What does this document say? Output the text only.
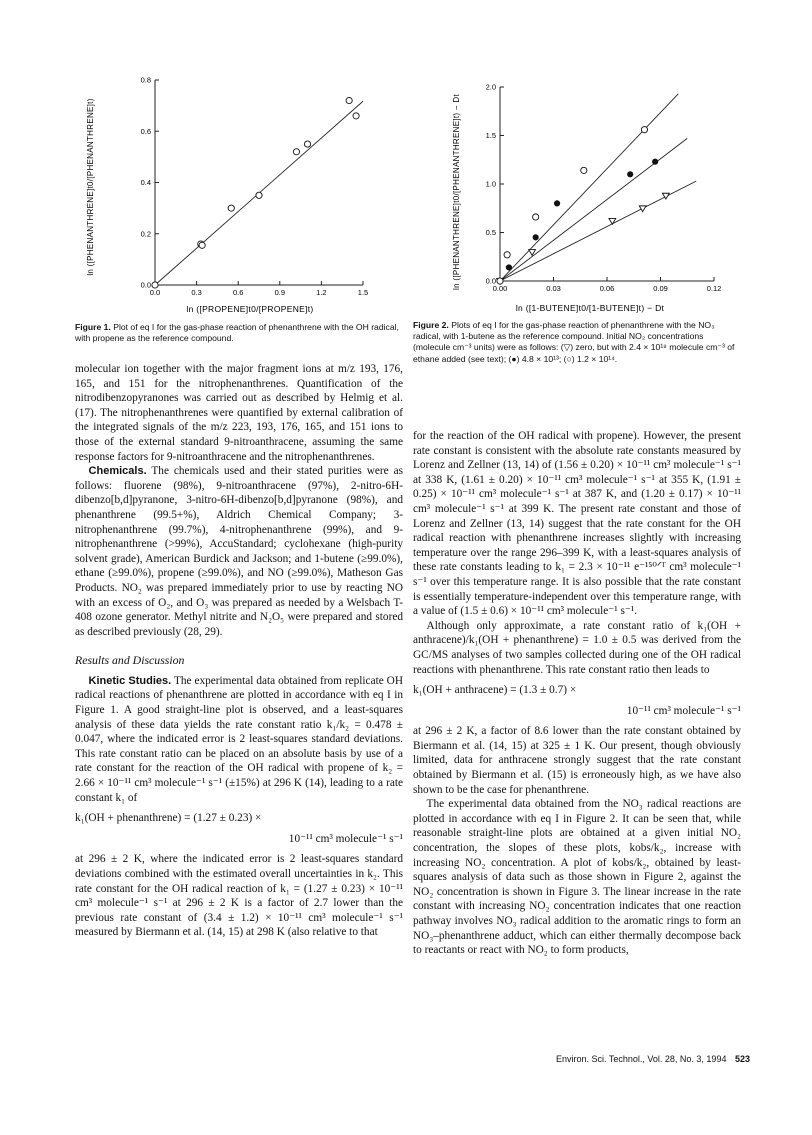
0.0	0.3	0.6	0.9	1.2	1.5
0.0
0.2
0.4
0.6
0.8
ln ([PROPENE]t0/[PROPENE]t)
ln ([PHENANTHRENE]t0/[PHENANTHRENE]t)
0.00	0.03	0.06	0.09	0.12
0.0
0.5
1.0
1.5
2.0
ln ([1-BUTENE]t0/[1-BUTENE]t) − Dt
ln ([PHENANTHRENE]t0/[PHENANTHRENE]t) − Dt
Figure 1. Plot of eq I for the gas-phase reaction of phenanthrene with the OH radical, with propene as the reference compound.
Figure 2. Plots of eq I for the gas-phase reaction of phenanthrene with the NO₃ radical, with 1-butene as the reference compound. Initial NO₂ concentrations (molecule cm⁻³ units) were as follows: (▽) zero, but with 2.4 × 10¹⁸ molecule cm⁻³ of ethane added (see text); (●) 4.8 × 10¹³; (○) 1.2 × 10¹⁴.

molecular ion together with the major fragment ions at m/z 193, 176, 165, and 151 for the nitrophenanthrenes. Quantification of the nitrodibenzopyranones was carried out as described by Helmig et al. (17). The nitrophenanthrenes were quantified by external calibration of the integrated signals of the m/z 223, 193, 176, 165, and 151 ions to those of the external standard 9-nitroanthracene, assuming the same response factors for 9-nitroanthracene and the nitrophenanthrenes.

Chemicals. The chemicals used and their stated purities were as follows: fluorene (98%), 9-nitroanthracene (97%), 2-nitro-6H-dibenzo[b,d]pyranone, 3-nitro-6H-dibenzo[b,d]pyranone (98%), and phenanthrene (99.5+%), Aldrich Chemical Company; 3-nitrophenanthrene (99.7%), 4-nitrophenanthrene (99%), and 9-nitrophenanthrene (>99%), AccuStandard; cyclohexane (high-purity solvent grade), American Burdick and Jackson; and 1-butene (≥99.0%), ethane (≥99.0%), propene (≥99.0%), and NO (≥99.0%), Matheson Gas Products. NO₂ was prepared immediately prior to use by reacting NO with an excess of O₂, and O₃ was prepared as needed by a Welsbach T-408 ozone generator. Methyl nitrite and N₂O₅ were prepared and stored as described previously (28, 29).

Results and Discussion

Kinetic Studies. The experimental data obtained from replicate OH radical reactions of phenanthrene are plotted in accordance with eq I in Figure 1. A good straight-line plot is observed, and a least-squares analysis of these data yields the rate constant ratio k₁/k₂ = 0.478 ± 0.047, where the indicated error is 2 least-squares standard deviations. This rate constant ratio can be placed on an absolute basis by use of a rate constant for the reaction of the OH radical with propene of k₂ = 2.66 × 10⁻¹¹ cm³ molecule⁻¹ s⁻¹ (±15%) at 296 K (14), leading to a rate constant k₁ of

k₁(OH + phenanthrene) = (1.27 ± 0.23) ×

10⁻¹¹ cm³ molecule⁻¹ s⁻¹

at 296 ± 2 K, where the indicated error is 2 least-squares standard deviations combined with the estimated overall uncertainties in k₂. This rate constant for the OH radical reaction of k₁ = (1.27 ± 0.23) × 10⁻¹¹ cm³ molecule⁻¹ s⁻¹ at 296 ± 2 K is a factor of 2.7 lower than the previous rate constant of (3.4 ± 1.2) × 10⁻¹¹ cm³ molecule⁻¹ s⁻¹ measured by Biermann et al. (14, 15) at 298 K (also relative to that

for the reaction of the OH radical with propene). However, the present rate constant is consistent with the absolute rate constants measured by Lorenz and Zellner (13, 14) of (1.56 ± 0.20) × 10⁻¹¹ cm³ molecule⁻¹ s⁻¹ at 338 K, (1.61 ± 0.20) × 10⁻¹¹ cm³ molecule⁻¹ s⁻¹ at 355 K, (1.91 ± 0.25) × 10⁻¹¹ cm³ molecule⁻¹ s⁻¹ at 387 K, and (1.20 ± 0.17) × 10⁻¹¹ cm³ molecule⁻¹ s⁻¹ at 399 K. The present rate constant and those of Lorenz and Zellner (13, 14) suggest that the rate constant for the OH radical reaction with phenanthrene increases slightly with increasing temperature over the range 296–399 K, with a least-squares analysis of these rate constants leading to k₁ = 2.3 × 10⁻¹¹ e⁻¹⁵⁰ᐟᵀ cm³ molecule⁻¹ s⁻¹ over this temperature range. It is also possible that the rate constant is essentially temperature-independent over this temperature range, with a value of (1.5 ± 0.6) × 10⁻¹¹ cm³ molecule⁻¹ s⁻¹.

Although only approximate, a rate constant ratio of k₁(OH + anthracene)/k₁(OH + phenanthrene) = 1.0 ± 0.5 was derived from the GC/MS analyses of two samples collected during one of the OH radical reactions with phenanthrene. This rate constant ratio then leads to

k₁(OH + anthracene) = (1.3 ± 0.7) ×

10⁻¹¹ cm³ molecule⁻¹ s⁻¹

at 296 ± 2 K, a factor of 8.6 lower than the rate constant obtained by Biermann et al. (14, 15) at 325 ± 1 K. Our present, though obviously limited, data for anthracene strongly suggest that the rate constant obtained by Biermann et al. (15) is erroneously high, as we have also shown to be the case for phenanthrene.

The experimental data obtained from the NO₃ radical reactions are plotted in accordance with eq I in Figure 2. It can be seen that, while reasonable straight-line plots are obtained at a given initial NO₂ concentration, the slopes of these plots, kobs/k₂, increase with increasing NO₂ concentration. A plot of kobs/k₂, obtained by least-squares analysis of data such as those shown in Figure 2, against the NO₂ concentration is shown in Figure 3. The linear increase in the rate constant with increasing NO₂ concentration indicates that one reaction pathway involves NO₃ radical addition to the aromatic rings to form an NO₃–phenanthrene adduct, which can either thermally decompose back to reactants or react with NO₂ to form products,

Environ. Sci. Technol., Vol. 28, No. 3, 1994 523
